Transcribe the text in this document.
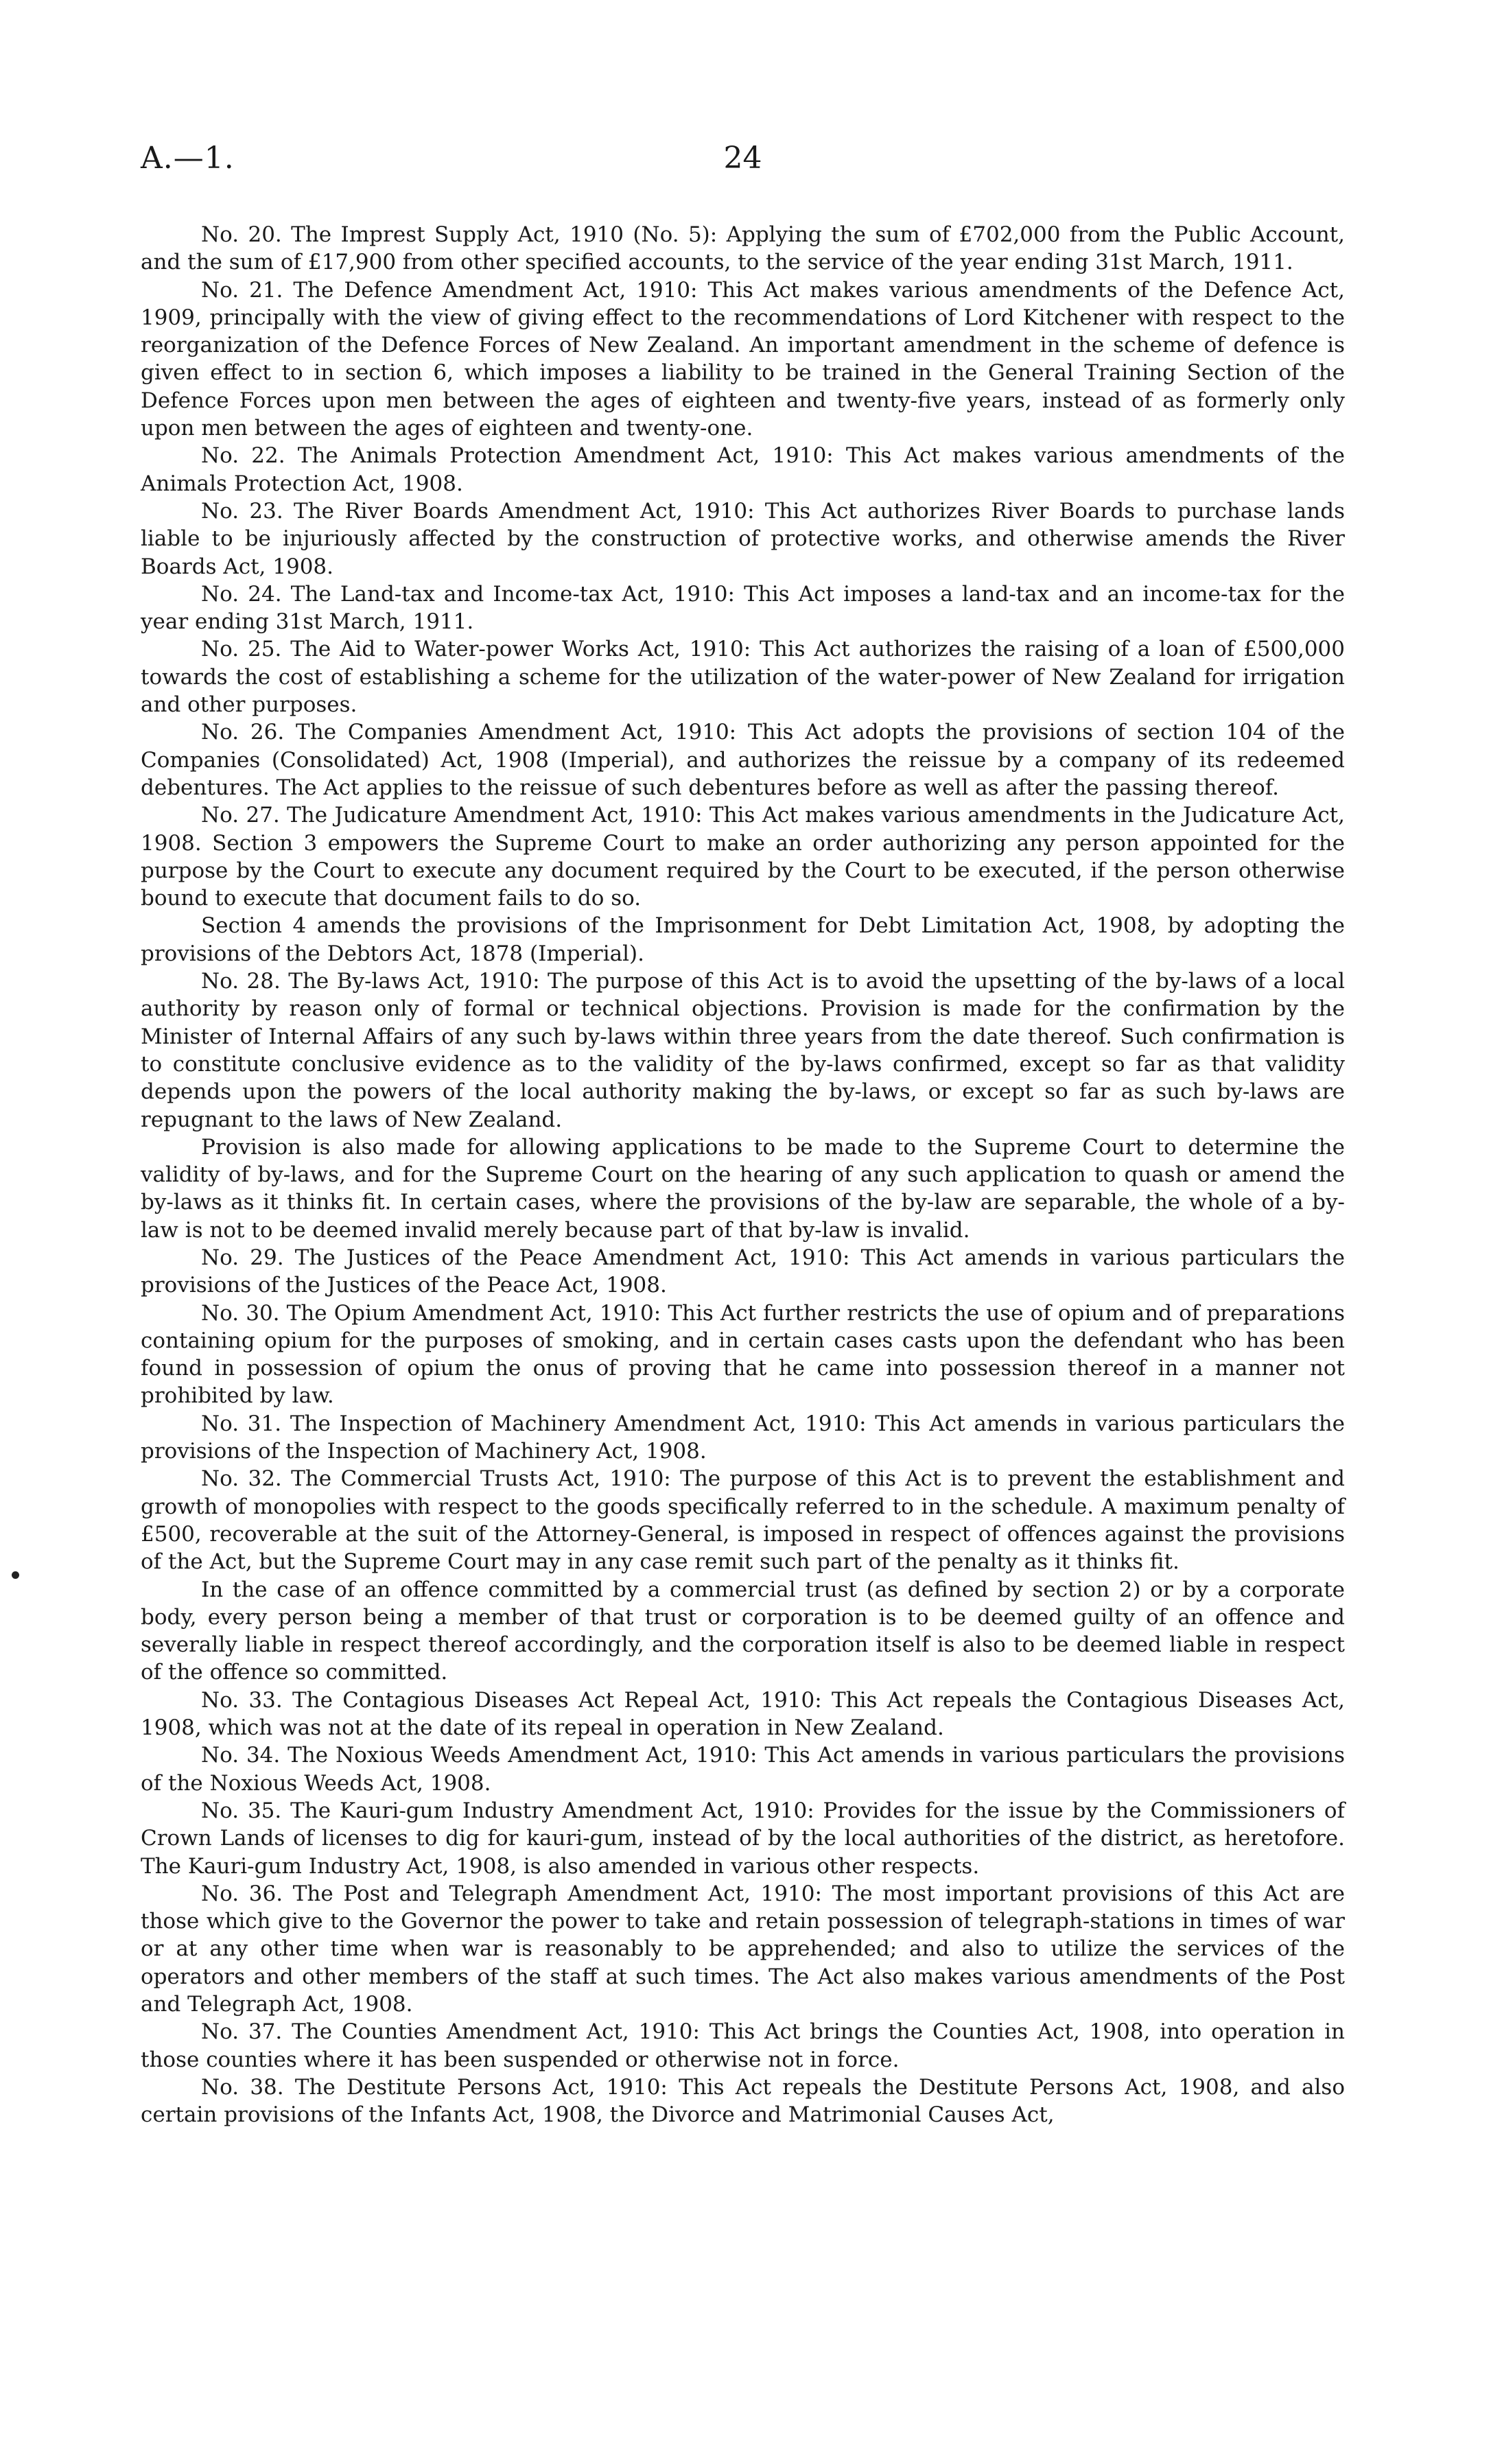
A.—1.	24

No. 20. The Imprest Supply Act, 1910 (No. 5): Applying the sum of £702,000 from the Public Account, and the sum of £17,900 from other specified accounts, to the service of the year ending 31st March, 1911.

No. 21. The Defence Amendment Act, 1910: This Act makes various amendments of the Defence Act, 1909, principally with the view of giving effect to the recommendations of Lord Kitchener with respect to the reorganization of the Defence Forces of New Zealand. An important amendment in the scheme of defence is given effect to in section 6, which imposes a liability to be trained in the General Training Section of the Defence Forces upon men between the ages of eighteen and twenty-five years, instead of as formerly only upon men between the ages of eighteen and twenty-one.

No. 22. The Animals Protection Amendment Act, 1910: This Act makes various amendments of the Animals Protection Act, 1908.

No. 23. The River Boards Amendment Act, 1910: This Act authorizes River Boards to purchase lands liable to be injuriously affected by the construction of protective works, and otherwise amends the River Boards Act, 1908.

No. 24. The Land-tax and Income-tax Act, 1910: This Act imposes a land-tax and an income-tax for the year ending 31st March, 1911.

No. 25. The Aid to Water-power Works Act, 1910: This Act authorizes the raising of a loan of £500,000 towards the cost of establishing a scheme for the utilization of the water-power of New Zealand for irrigation and other purposes.

No. 26. The Companies Amendment Act, 1910: This Act adopts the provisions of section 104 of the Companies (Consolidated) Act, 1908 (Imperial), and authorizes the reissue by a company of its redeemed debentures. The Act applies to the reissue of such debentures before as well as after the passing thereof.

No. 27. The Judicature Amendment Act, 1910: This Act makes various amendments in the Judicature Act, 1908. Section 3 empowers the Supreme Court to make an order authorizing any person appointed for the purpose by the Court to execute any document required by the Court to be executed, if the person otherwise bound to execute that document fails to do so.

Section 4 amends the provisions of the Imprisonment for Debt Limitation Act, 1908, by adopting the provisions of the Debtors Act, 1878 (Imperial).

No. 28. The By-laws Act, 1910: The purpose of this Act is to avoid the upsetting of the by-laws of a local authority by reason only of formal or technical objections. Provision is made for the confirmation by the Minister of Internal Affairs of any such by-laws within three years from the date thereof. Such confirmation is to constitute conclusive evidence as to the validity of the by-laws confirmed, except so far as that validity depends upon the powers of the local authority making the by-laws, or except so far as such by-laws are repugnant to the laws of New Zealand.

Provision is also made for allowing applications to be made to the Supreme Court to determine the validity of by-laws, and for the Supreme Court on the hearing of any such application to quash or amend the by-laws as it thinks fit. In certain cases, where the provisions of the by-law are separable, the whole of a by-law is not to be deemed invalid merely because part of that by-law is invalid.

No. 29. The Justices of the Peace Amendment Act, 1910: This Act amends in various particulars the provisions of the Justices of the Peace Act, 1908.

No. 30. The Opium Amendment Act, 1910: This Act further restricts the use of opium and of preparations containing opium for the purposes of smoking, and in certain cases casts upon the defendant who has been found in possession of opium the onus of proving that he came into possession thereof in a manner not prohibited by law.

No. 31. The Inspection of Machinery Amendment Act, 1910: This Act amends in various particulars the provisions of the Inspection of Machinery Act, 1908.

No. 32. The Commercial Trusts Act, 1910: The purpose of this Act is to prevent the establishment and growth of monopolies with respect to the goods specifically referred to in the schedule. A maximum penalty of £500, recoverable at the suit of the Attorney-General, is imposed in respect of offences against the provisions of the Act, but the Supreme Court may in any case remit such part of the penalty as it thinks fit.

In the case of an offence committed by a commercial trust (as defined by section 2) or by a corporate body, every person being a member of that trust or corporation is to be deemed guilty of an offence and severally liable in respect thereof accordingly, and the corporation itself is also to be deemed liable in respect of the offence so committed.

No. 33. The Contagious Diseases Act Repeal Act, 1910: This Act repeals the Contagious Diseases Act, 1908, which was not at the date of its repeal in operation in New Zealand.

No. 34. The Noxious Weeds Amendment Act, 1910: This Act amends in various particulars the provisions of the Noxious Weeds Act, 1908.

No. 35. The Kauri-gum Industry Amendment Act, 1910: Provides for the issue by the Commissioners of Crown Lands of licenses to dig for kauri-gum, instead of by the local authorities of the district, as heretofore. The Kauri-gum Industry Act, 1908, is also amended in various other respects.

No. 36. The Post and Telegraph Amendment Act, 1910: The most important provisions of this Act are those which give to the Governor the power to take and retain possession of telegraph-stations in times of war or at any other time when war is reasonably to be apprehended; and also to utilize the services of the operators and other members of the staff at such times. The Act also makes various amendments of the Post and Telegraph Act, 1908.

No. 37. The Counties Amendment Act, 1910: This Act brings the Counties Act, 1908, into operation in those counties where it has been suspended or otherwise not in force.

No. 38. The Destitute Persons Act, 1910: This Act repeals the Destitute Persons Act, 1908, and also certain provisions of the Infants Act, 1908, the Divorce and Matrimonial Causes Act,
